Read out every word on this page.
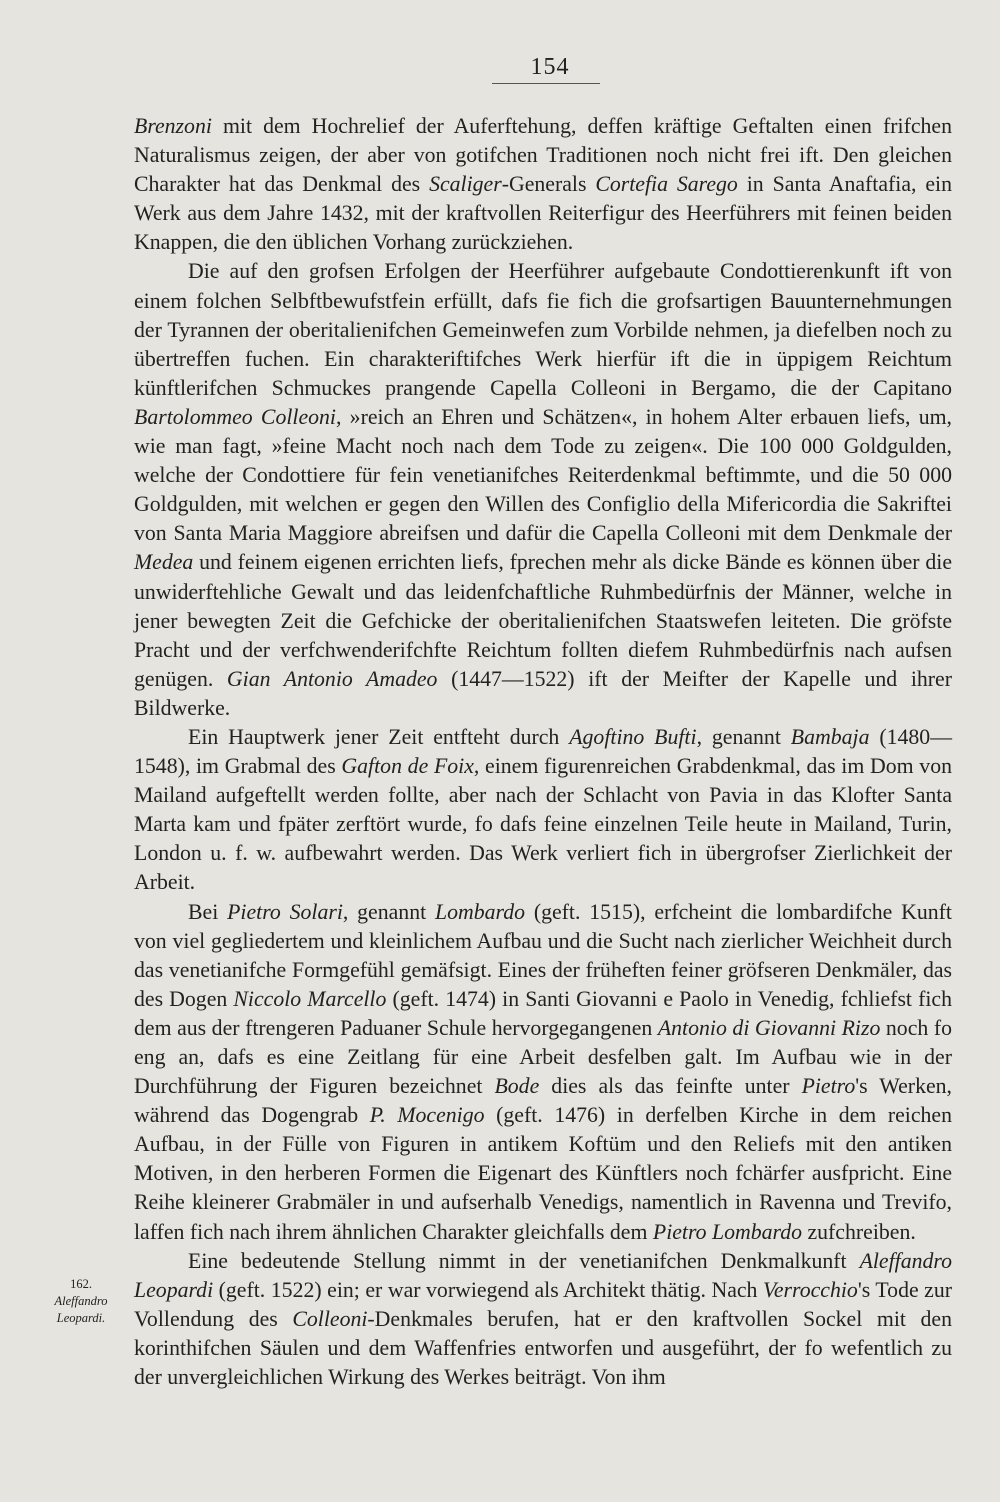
154

Brenzoni mit dem Hochrelief der Auferftehung, deffen kräftige Geftalten einen frifchen Naturalismus zeigen, der aber von gotifchen Traditionen noch nicht frei ift. Den gleichen Charakter hat das Denkmal des Scaliger-Generals Cortefia Sarego in Santa Anaftafia, ein Werk aus dem Jahre 1432, mit der kraftvollen Reiterfigur des Heerführers mit feinen beiden Knappen, die den üblichen Vorhang zurückziehen.

Die auf den grofsen Erfolgen der Heerführer aufgebaute Condottierenkunft ift von einem folchen Selbftbewufstfein erfüllt, dafs fie fich die grofsartigen Bauunternehmungen der Tyrannen der oberitalienifchen Gemeinwefen zum Vorbilde nehmen, ja diefelben noch zu übertreffen fuchen. Ein charakteriftifches Werk hierfür ift die in üppigem Reichtum künftlerifchen Schmuckes prangende Capella Colleoni in Bergamo, die der Capitano Bartolommeo Colleoni, »reich an Ehren und Schätzen«, in hohem Alter erbauen liefs, um, wie man fagt, »feine Macht noch nach dem Tode zu zeigen«. Die 100 000 Goldgulden, welche der Condottiere für fein venetianifches Reiterdenkmal beftimmte, und die 50 000 Goldgulden, mit welchen er gegen den Willen des Configlio della Mifericordia die Sakriftei von Santa Maria Maggiore abreifsen und dafür die Capella Colleoni mit dem Denkmale der Medea und feinem eigenen errichten liefs, fprechen mehr als dicke Bände es können über die unwiderftehliche Gewalt und das leidenfchaftliche Ruhmbedürfnis der Männer, welche in jener bewegten Zeit die Gefchicke der oberitalienifchen Staatswefen leiteten. Die gröfste Pracht und der verfchwenderifchfte Reichtum follten diefem Ruhmbedürfnis nach aufsen genügen. Gian Antonio Amadeo (1447—1522) ift der Meifter der Kapelle und ihrer Bildwerke.

Ein Hauptwerk jener Zeit entfteht durch Agoftino Bufti, genannt Bambaja (1480—1548), im Grabmal des Gafton de Foix, einem figurenreichen Grabdenkmal, das im Dom von Mailand aufgeftellt werden follte, aber nach der Schlacht von Pavia in das Klofter Santa Marta kam und fpäter zerftört wurde, fo dafs feine einzelnen Teile heute in Mailand, Turin, London u. f. w. aufbewahrt werden. Das Werk verliert fich in übergrofser Zierlichkeit der Arbeit.

Bei Pietro Solari, genannt Lombardo (geft. 1515), erfcheint die lombardifche Kunft von viel gegliedertem und kleinlichem Aufbau und die Sucht nach zierlicher Weichheit durch das venetianifche Formgefühl gemäfsigt. Eines der früheften feiner gröfseren Denkmäler, das des Dogen Niccolo Marcello (geft. 1474) in Santi Giovanni e Paolo in Venedig, fchliefst fich dem aus der ftrengeren Paduaner Schule hervorgegangenen Antonio di Giovanni Rizo noch fo eng an, dafs es eine Zeitlang für eine Arbeit desfelben galt. Im Aufbau wie in der Durchführung der Figuren bezeichnet Bode dies als das feinfte unter Pietro's Werken, während das Dogengrab P. Mocenigo (geft. 1476) in derfelben Kirche in dem reichen Aufbau, in der Fülle von Figuren in antikem Koftüm und den Reliefs mit den antiken Motiven, in den herberen Formen die Eigenart des Künftlers noch fchärfer ausfpricht. Eine Reihe kleinerer Grabmäler in und aufserhalb Venedigs, namentlich in Ravenna und Trevifo, laffen fich nach ihrem ähnlichen Charakter gleichfalls dem Pietro Lombardo zufchreiben.

Eine bedeutende Stellung nimmt in der venetianifchen Denkmalkunft Aleffandro Leopardi (geft. 1522) ein; er war vorwiegend als Architekt thätig. Nach Verrocchio's Tode zur Vollendung des Colleoni-Denkmales berufen, hat er den kraftvollen Sockel mit den korinthifchen Säulen und dem Waffenfries entworfen und ausgeführt, der fo wefentlich zu der unvergleichlichen Wirkung des Werkes beiträgt. Von ihm

162.
Aleffandro
Leopardi.
